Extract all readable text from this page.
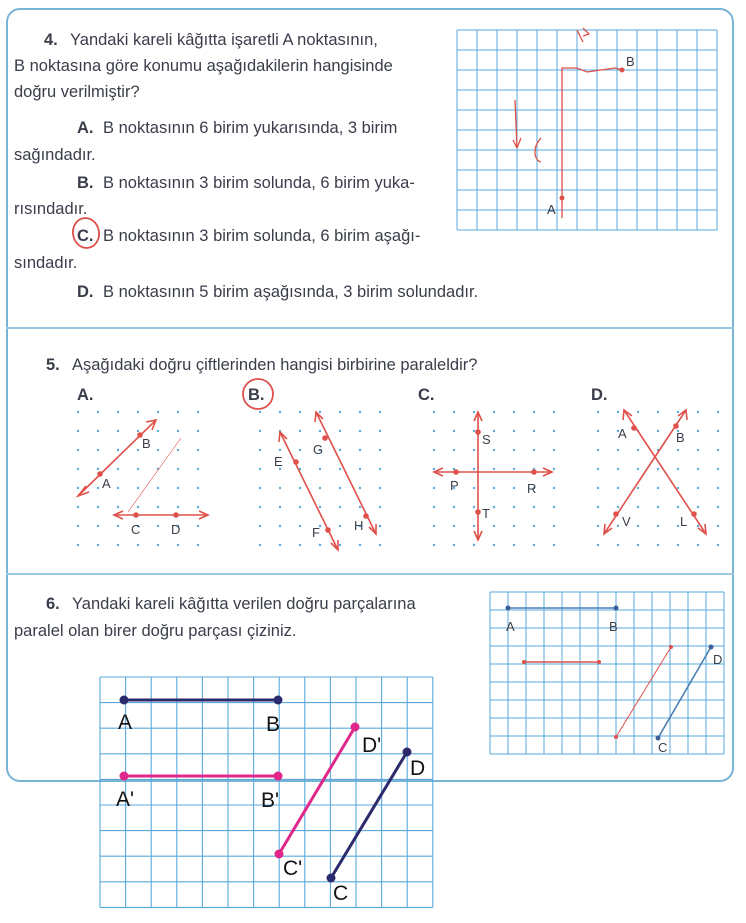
4. Yandaki kareli kâğıtta işaretli A noktasının,
B noktasına göre konumu aşağıdakilerin hangisinde
doğru verilmiştir?
A. B noktasının 6 birim yukarısında, 3 birim
sağındadır.
B. B noktasının 3 birim solunda, 6 birim yuka-
rısındadır.
C. B noktasının 3 birim solunda, 6 birim aşağı-
sındadır.
D. B noktasının 5 birim aşağısında, 3 birim solundadır.
A
B
5. Aşağıdaki doğru çiftlerinden hangisi birbirine paraleldir?
A.	B.	C.	D.
B
A
C D
E
G
F	H
S
P	R
T
A	B
V	L
6. Yandaki kareli kâğıtta verilen doğru parçalarına
paralel olan birer doğru parçası çiziniz.	A	B
D
C
A	B
A'	B'
D'
D
C'
C
